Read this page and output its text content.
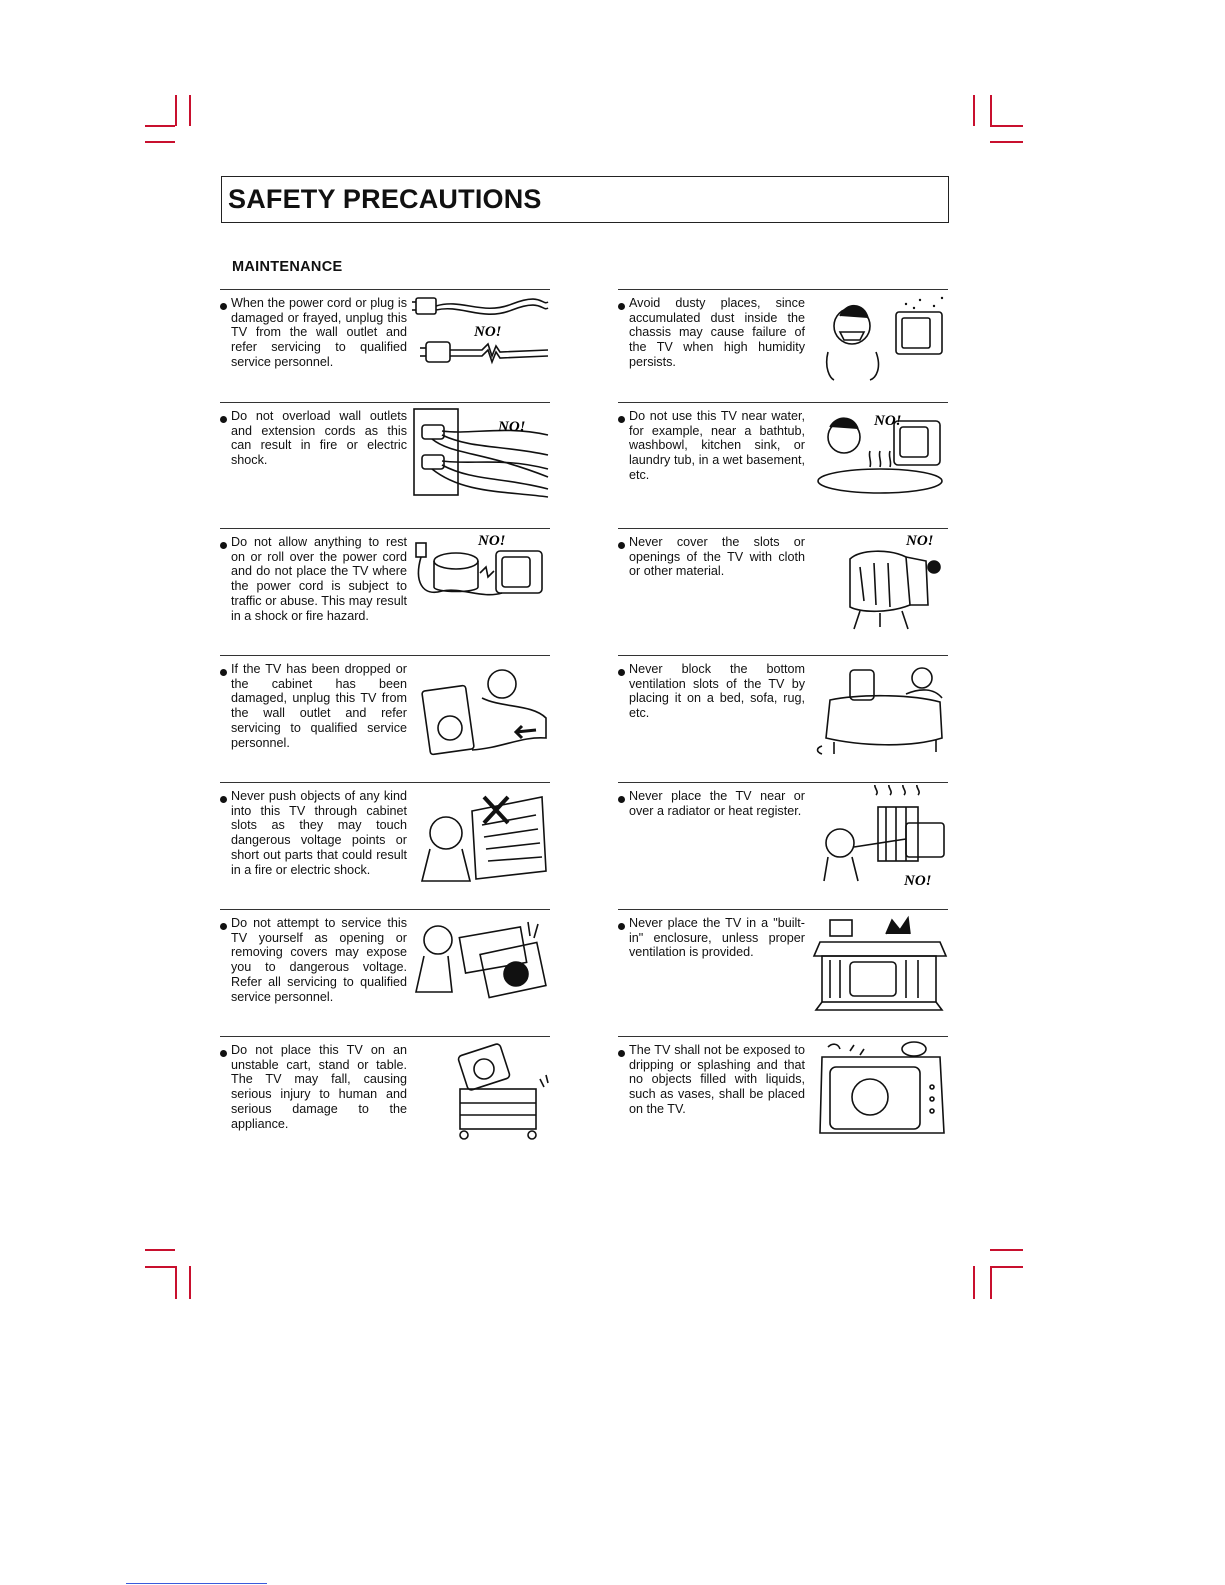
SAFETY PRECAUTIONS
MAINTENANCE
When the power cord or plug is damaged or frayed, unplug this TV from the wall outlet and refer servicing to qualified service personnel.
NO!
Do not overload wall outlets and extension cords as this can result in fire or electric shock.
NO!
Do not allow anything to rest on or roll over the power cord and do not place the TV where the power cord is subject to traffic or abuse. This may result in a shock or fire hazard.
NO!
If the TV has been dropped or the cabinet has been damaged, unplug this TV from the wall outlet and refer servicing to qualified service personnel.
Never push objects of any kind into this TV through cabinet slots as they may touch dangerous voltage points or short out parts that could result in a fire or electric shock.
Do not attempt to service this TV yourself as opening or removing covers may expose you to dangerous voltage. Refer all servicing to qualified service personnel.
Do not place this TV on an unstable cart, stand or table. The TV may fall, causing serious injury to human and serious damage to the appliance.
Avoid dusty places, since accumulated dust inside the chassis may cause failure of the TV when high humidity persists.
Do not use this TV near water, for example, near a bathtub, washbowl, kitchen sink, or laundry tub, in a wet basement, etc.
NO!
Never cover the slots or openings of the TV with cloth or other material.
NO!
Never block the bottom ventilation slots of the TV by placing it on a bed, sofa, rug, etc.
Never place the TV near or over a radiator or heat register.
NO!
Never place the TV in a "built-in" enclosure, unless proper ventilation is provided.
The TV shall not be exposed to dripping or splashing and that no objects filled with liquids, such as vases, shall be placed on the TV.
